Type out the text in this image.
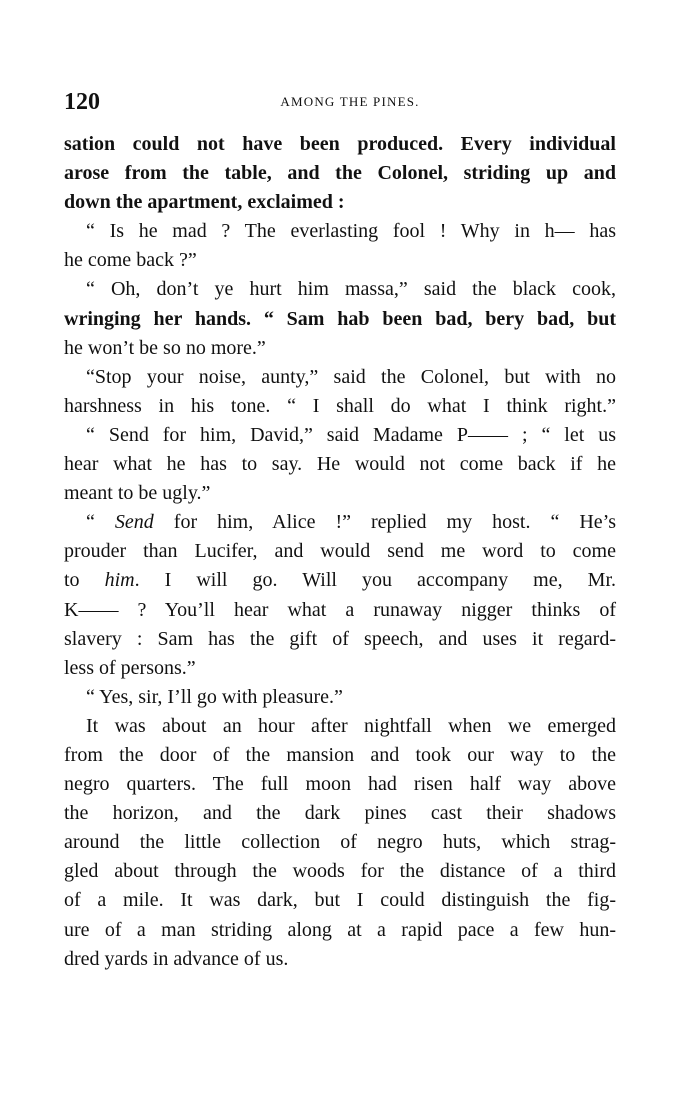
120	AMONG THE PINES.
sation could not have been produced. Every individual
arose from the table, and the Colonel, striding up and
down the apartment, exclaimed :
“ Is he mad ? The everlasting fool ! Why in h— has
he come back ?”
“ Oh, don’t ye hurt him massa,” said the black cook,
wringing her hands. “ Sam hab been bad, bery bad, but
he won’t be so no more.”
“Stop your noise, aunty,” said the Colonel, but with no
harshness in his tone. “ I shall do what I think right.”
“ Send for him, David,” said Madame P—— ; “ let us
hear what he has to say. He would not come back if he
meant to be ugly.”
“ Send for him, Alice !” replied my host. “ He’s
prouder than Lucifer, and would send me word to come
to him. I will go. Will you accompany me, Mr.
K—— ? You’ll hear what a runaway nigger thinks of
slavery : Sam has the gift of speech, and uses it regard-
less of persons.”
“ Yes, sir, I’ll go with pleasure.”
It was about an hour after nightfall when we emerged
from the door of the mansion and took our way to the
negro quarters. The full moon had risen half way above
the horizon, and the dark pines cast their shadows
around the little collection of negro huts, which strag-
gled about through the woods for the distance of a third
of a mile. It was dark, but I could distinguish the fig-
ure of a man striding along at a rapid pace a few hun-
dred yards in advance of us.
